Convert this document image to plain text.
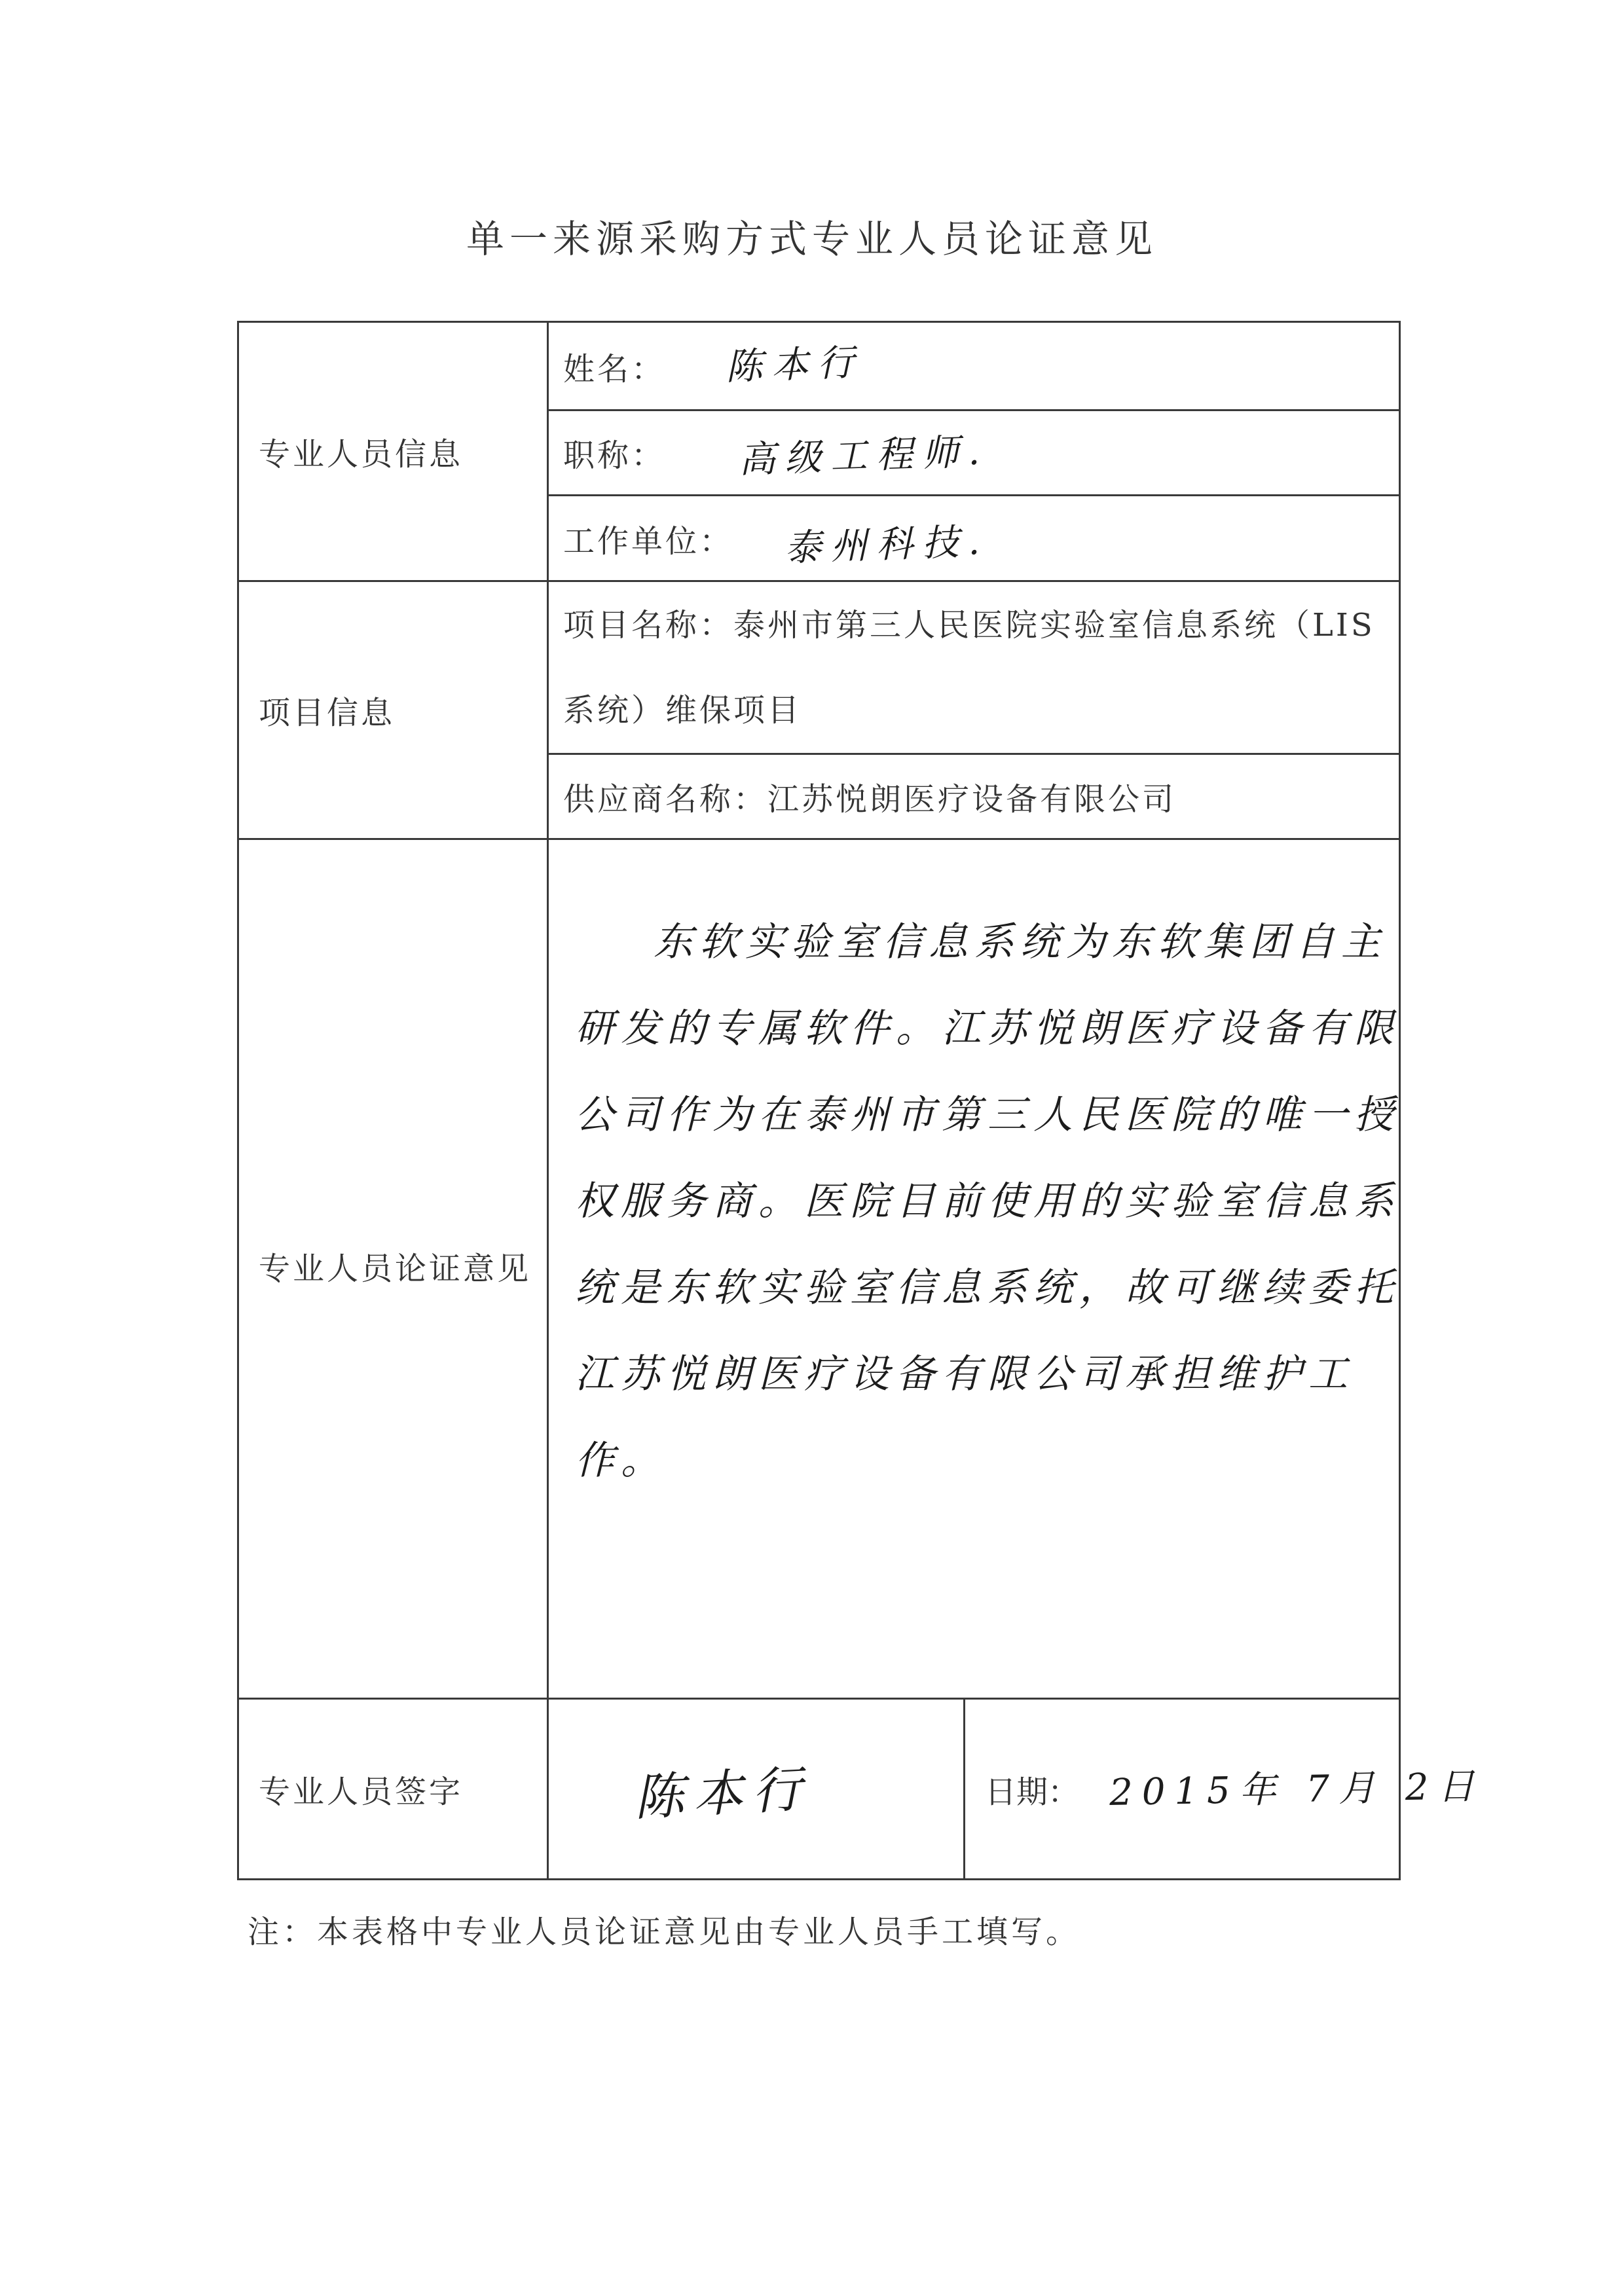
单一来源采购方式专业人员论证意见
专业人员信息	姓名： 陈本行	

	职称： 高级工程师.	

	工作单位： 泰州科技.	

项目信息	项目名称：泰州市第三人民医院实验室信息系统（LIS 系统）维保项目	
	供应商名称：江苏悦朗医疗设备有限公司	
专业人员论证意见	东软实验室信息系统为东软集团自主研发的专属软件。江苏悦朗医疗设备有限公司作为在泰州市第三人民医院的唯一授权服务商。医院目前使用的实验室信息系统是东软实验室信息系统，故可继续委托江苏悦朗医疗设备有限公司承担维护工作。	

专业人员签字	陈本行	日期： 2015年 7月 2日
注：本表格中专业人员论证意见由专业人员手工填写。
